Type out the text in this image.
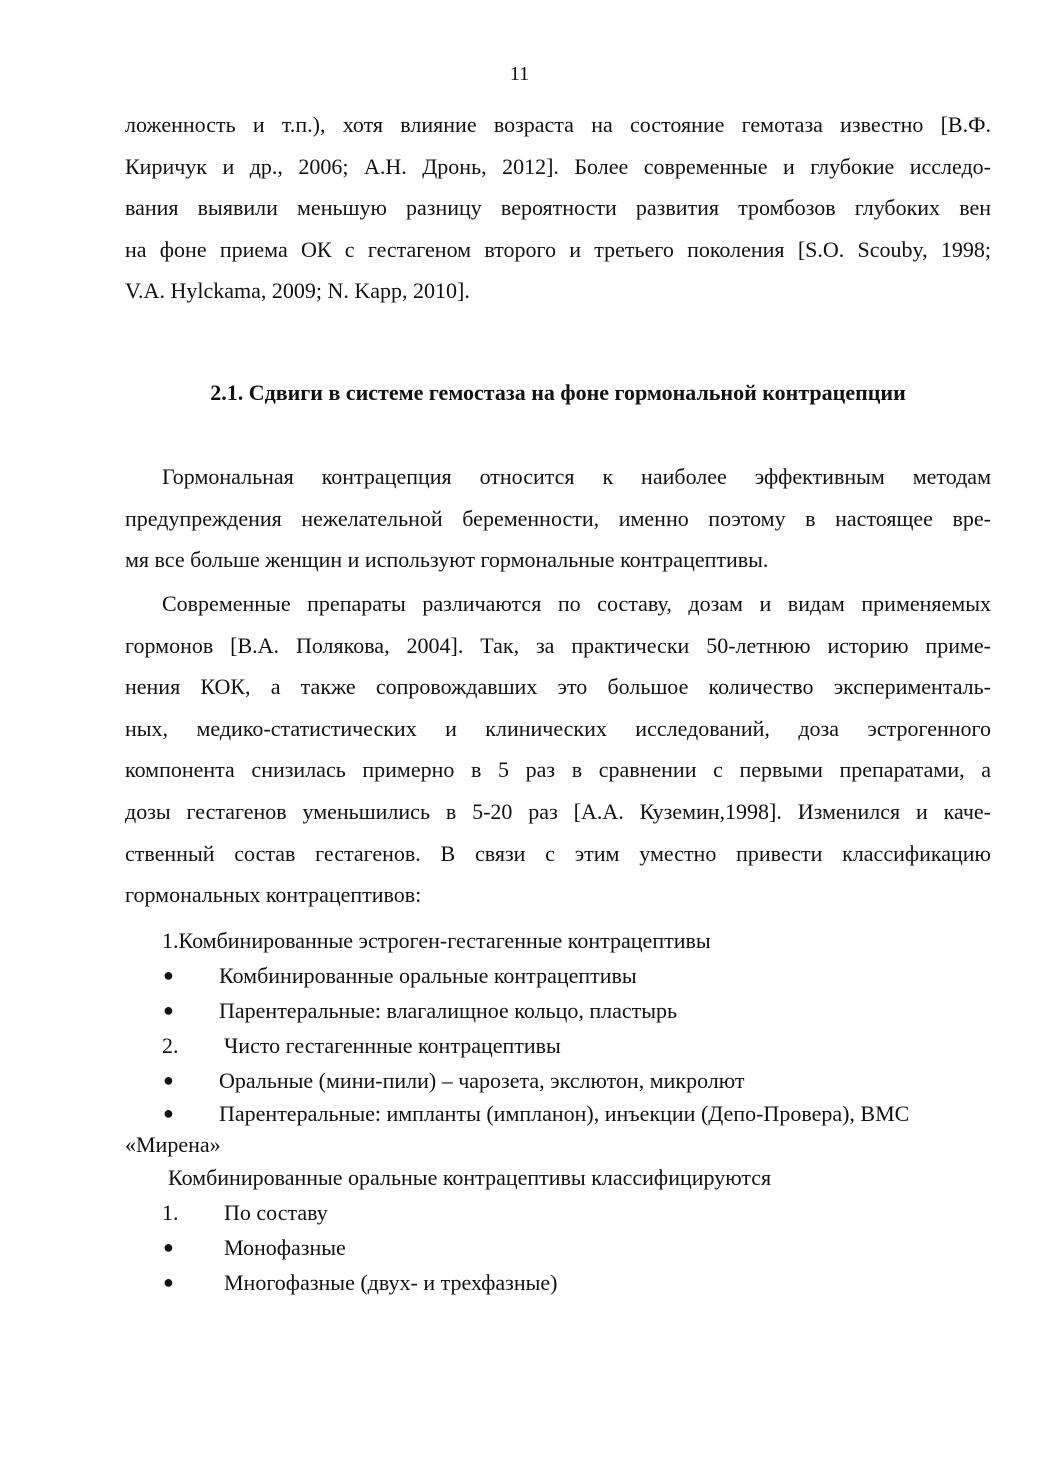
11

ложенность и т.п.), хотя влияние возраста на состояние гемотаза известно [В.Ф.

Киричук и др., 2006; А.Н. Дронь, 2012]. Более современные и глубокие исследо-

вания выявили меньшую разницу вероятности развития тромбозов глубоких вен

на фоне приема ОК с гестагеном второго и третьего поколения [S.O. Scouby, 1998;

V.A. Hylckama, 2009; N. Kapp, 2010].

2.1. Сдвиги в системе гемостаза на фоне гормональной контрацепции

Гормональная контрацепция относится к наиболее эффективным методам

предупреждения нежелательной беременности, именно поэтому в настоящее вре-

мя все больше женщин и используют гормональные контрацептивы.

Современные препараты различаются по составу, дозам и видам применяемых

гормонов [В.А. Полякова, 2004]. Так, за практически 50-летнюю историю приме-

нения КОК, а также сопровождавших это большое количество эксперименталь-

ных, медико-статистических и клинических исследований, доза эстрогенного

компонента снизилась примерно в 5 раз в сравнении с первыми препаратами, а

дозы гестагенов уменьшились в 5-20 раз [А.А. Куземин,1998]. Изменился и каче-

ственный состав гестагенов. В связи с этим уместно привести классификацию

гормональных контрацептивов:

1.Комбинированные эстроген-гестагенные контрацептивы
● Комбинированные оральные контрацептивы
● Парентеральные: влагалищное кольцо, пластырь
2. Чисто гестагеннные контрацептивы
● Оральные (мини-пили) – чарозета, экслютон, микролют
● Парентеральные: импланты (импланон), инъекции (Депо-Провера), ВМС
«Мирена»
Комбинированные оральные контрацептивы классифицируются
1. По составу
● Монофазные
● Многофазные (двух- и трехфазные)
